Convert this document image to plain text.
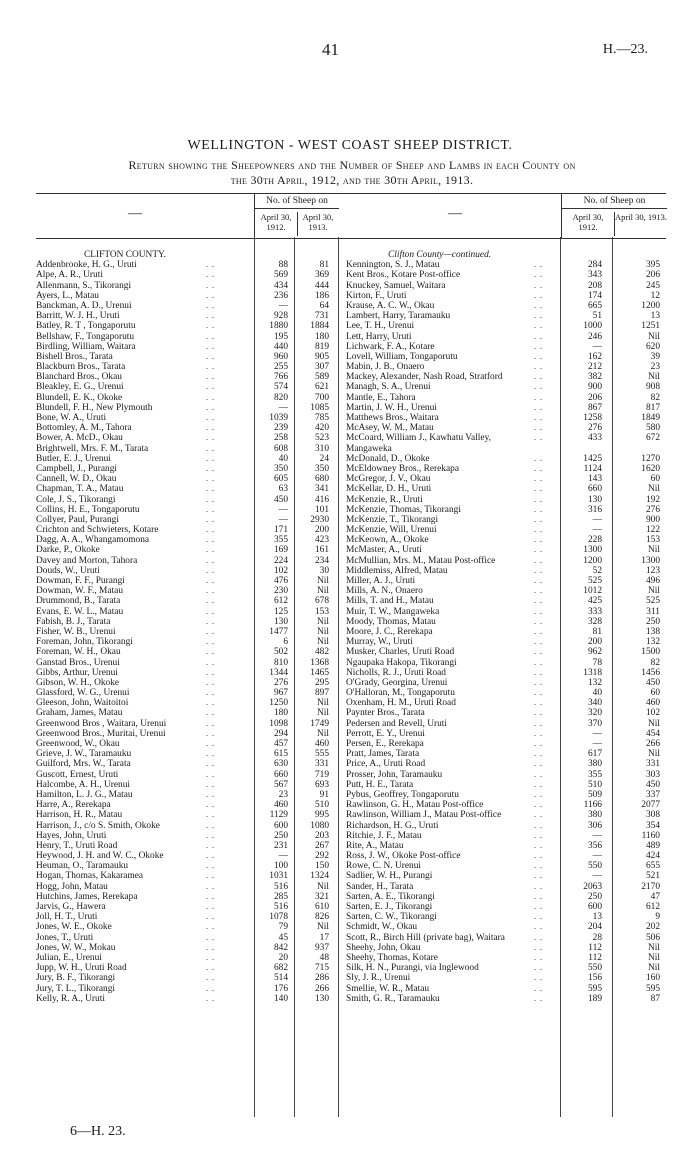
41	H.—23.
WELLINGTON - WEST COAST SHEEP DISTRICT.
Return showing the Sheepowners and the Number of Sheep and Lambs in each County on
the 30th April, 1912, and the 30th April, 1913.
—
No. of Sheep on
April 30, 1912.
April 30, 1913.
—
No. of Sheep on
April 30, 1912.
April 30, 1913.
CLIFTON COUNTY.
Addenbrooke, H. G., Uruti	. .	88	81
Alpe, A. R., Uruti	. .	569	369
Allenmann, S., Tikorangi	. .	434	444
Ayers, L., Matau	. .	236	186
Banckman, A. D., Urenui	. .	—	64
Barritt, W. J. H., Uruti	. .	928	731
Batley, R. T , Tongaporutu	. .	1880	1884
Bellshaw, F., Tongaporutu	. .	195	180
Birdling, William, Waitara	. .	440	819
Bishell Bros., Tarata	. .	960	905
Blackburn Bros., Tarata	. .	255	307
Blanchard Bros., Okau	. .	766	589
Bleakley, E. G., Urenui	. .	574	621
Blundell, E. K., Okoke	. .	820	700
Blundell, F. H., New Plymouth	. .	—	1085
Bone, W. A., Uruti	. .	1039	785
Bottomley, A. M., Tahora	. .	239	420
Bower, A. McD., Okau	. .	258	523
Brightwell, Mrs. F. M., Tarata	. .	608	310
Butler, E. J., Urenui	. .	40	24
Campbell, J., Purangi	. .	350	350
Cannell, W. D., Okau	. .	605	680
Chapman, T. A., Matau	. .	63	341
Cole, J. S., Tikorangi	. .	450	416
Collins, H. E., Tongaporutu	. .	—	101
Collyer, Paul, Purangi	. .	—	2930
Crichton and Schwieters, Kotare	. .	171	200
Dagg, A. A., Whangamomona	. .	355	423
Darke, P., Okoke	. .	169	161
Davey and Morton, Tahora	. .	224	234
Douds, W., Uruti	. .	102	30
Dowman, F. F., Purangi	. .	476	Nil
Dowman, W. F., Matau	. .	230	Nil
Drummond, B., Tarata	. .	612	678
Evans, E. W. L., Matau	. .	125	153
Fabish, B. J., Tarata	. .	130	Nil
Fisher, W. B., Urenui	. .	1477	Nil
Foreman, John, Tikorangi	. .	6	Nil
Foreman, W. H., Okau	. .	502	482
Ganstad Bros., Urenui	. .	810	1368
Gibbs, Arthur, Urenui	. .	1344	1465
Gibson, W. H., Okoke	. .	276	295
Glassford, W. G., Urenui	. .	967	897
Gleeson, John, Waitoitoi	. .	1250	Nil
Graham, James, Matau	. .	180	Nil
Greenwood Bros , Waitara, Urenui	. .	1098	1749
Greenwood Bros., Muritai, Urenui	. .	294	Nil
Greenwood, W., Okau	. .	457	460
Grieve, J. W., Taramauku	. .	615	555
Guilford, Mrs. W., Tarata	. .	630	331
Guscott, Ernest, Uruti	. .	660	719
Halcombe, A. H., Urenui	. .	567	693
Hamilton, L. J. G., Matau	. .	23	91
Harre, A., Rerekapa	. .	460	510
Harrison, H. R., Matau	. .	1129	995
Harrison, J., c/o S. Smith, Okoke	. .	600	1080
Hayes, John, Uruti	. .	250	203
Henry, T., Uruti Road	. .	231	267
Heywood, J. H. and W. C., Okoke	. .	—	292
Heuman, O., Taramauku	. .	100	150
Hogan, Thomas, Kakaramea	. .	1031	1324
Hogg, John, Matau	. .	516	Nil
Hutchins, James, Rerekapa	. .	285	321
Jarvis, G., Hawera	. .	516	610
Joll, H. T., Uruti	. .	1078	826
Jones, W. E., Okoke	. .	79	Nil
Jones, T., Uruti	. .	45	17
Jones, W. W., Mokau	. .	842	937
Julian, E., Urenui	. .	20	48
Jupp, W. H., Uruti Road	. .	682	715
Jury, B. F., Tikorangi	. .	514	286
Jury, T. L., Tikorangi	. .	176	266
Kelly, R. A., Uruti	. .	140	130
Clifton County—continued.
Kennington, S. J., Matau	. .	284	395
Kent Bros., Kotare Post-office	. .	343	206
Knuckey, Samuel, Waitara	. .	208	245
Kirton, F., Uruti	. .	174	12
Krause, A. C. W., Okau	. .	665	1200
Lambert, Harry, Taramauku	. .	51	13
Lee, T. H., Urenui	. .	1000	1251
Lett, Harry, Uruti	. .	246	Nil
Lichwark, F. A., Kotare	. .	—	620
Lovell, William, Tongaporutu	. .	162	39
Mabin, J. B., Onaero	. .	212	23
Mackey, Alexander, Nash Road, Stratford	. .	382	Nil
Managh, S. A., Urenui	. .	900	908
Mantle, E., Tahora	. .	206	82
Martin, J. W. H., Urenui	. .	867	817
Matthews Bros., Waitara	. .	1258	1849
McAsey, W. M., Matau	. .	276	580
McCoard, William J., Kawhatu Valley,	. .	433	672
Mangaweka
McDonald, D., Okoke	. .	1425	1270
McEldowney Bros., Rerekapa	. .	1124	1620
McGregor, J. V., Okau	. .	143	60
McKellar, D. H., Uruti	. .	660	Nil
McKenzie, R., Uruti	. .	130	192
McKenzie, Thomas, Tikorangi	. .	316	276
McKenzie, T., Tikorangi	. .	—	900
McKenzie, Will, Urenui	. .	—	122
McKeown, A., Okoke	. .	228	153
McMaster, A., Uruti	. .	1300	Nil
McMullian, Mrs. M., Matau Post-office	. .	1200	1300
Middlemiss, Alfred, Matau	. .	52	123
Miller, A. J., Uruti	. .	525	496
Mills, A. N., Onaero	. .	1012	Nil
Mills, T. and H., Matau	. .	425	525
Muir, T. W., Mangaweka	. .	333	311
Moody, Thomas, Matau	. .	328	250
Moore, J. C., Rerekapa	. .	81	138
Murray, W., Uruti	. .	200	132
Musker, Charles, Uruti Road	. .	962	1500
Ngaupaka Hakopa, Tikorangi	. .	78	82
Nicholls, R. J., Uruti Road	. .	1318	1456
O'Grady, Georgina, Urenui	. .	132	450
O'Halloran, M., Tongaporutu	. .	40	60
Oxenham, H. M., Uruti Road	. .	340	460
Paynter Bros., Tarata	. .	320	102
Pedersen and Revell, Uruti	. .	370	Nil
Perrott, E. Y., Urenui	. .	—	454
Persen, E., Rerekapa	. .	—	266
Pratt, James, Tarata	. .	617	Nil
Price, A., Uruti Road	. .	380	331
Prosser, John, Taramauku	. .	355	303
Putt, H. E., Tarata	. .	510	450
Pybus, Geoffrey, Tongaporutu	. .	509	337
Rawlinson, G. H., Matau Post-office	. .	1166	2077
Rawlinson, William J., Matau Post-office	. .	380	308
Richardson, H. G., Uruti	. .	306	354
Ritchie, J. F., Matau	. .	—	1160
Rite, A., Matau	. .	356	489
Ross, J. W., Okoke Post-office	. .	—	424
Rowe, C. N. Urenui	. .	550	655
Sadlier, W. H., Purangi	. .	—	521
Sander, H., Tarata	. .	2063	2170
Sarten, A. E., Tikorangi	. .	250	47
Sarten, E. J., Tikorangi	. .	600	612
Sarten, C. W., Tikorangi	. .	13	9
Schmidt, W., Okau	. .	204	202
Scott, R., Birch Hill (private bag), Waitara	. .	28	506
Sheehy, John, Okau	. .	112	Nil
Sheehy, Thomas, Kotare	. .	112	Nil
Silk, H. N., Purangi, via Inglewood	. .	550	Nil
Sly, J. R., Urenui	. .	156	160
Smellie, W. R., Matau	. .	595	595
Smith, G. R., Taramauku	. .	189	87
6—H. 23.
